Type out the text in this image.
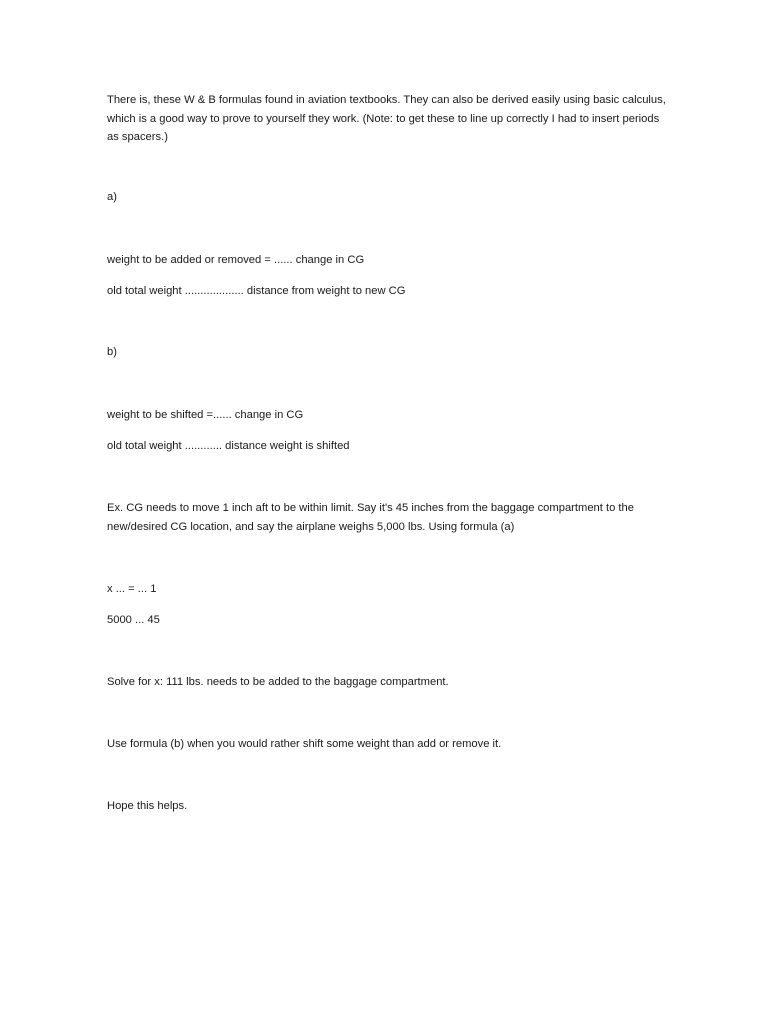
There is, these W & B formulas found in aviation textbooks. They can also be derived easily using basic calculus, which is a good way to prove to yourself they work. (Note: to get these to line up correctly I had to insert periods as spacers.)
a)
weight to be added or removed = ...... change in CG
old total weight ................... distance from weight to new CG
b)
weight to be shifted =...... change in CG
old total weight ............ distance weight is shifted
Ex. CG needs to move 1 inch aft to be within limit. Say it's 45 inches from the baggage compartment to the new/desired CG location, and say the airplane weighs 5,000 lbs. Using formula (a)
x ... = ... 1
5000 ... 45
Solve for x: 111 lbs. needs to be added to the baggage compartment.
Use formula (b) when you would rather shift some weight than add or remove it.
Hope this helps.
